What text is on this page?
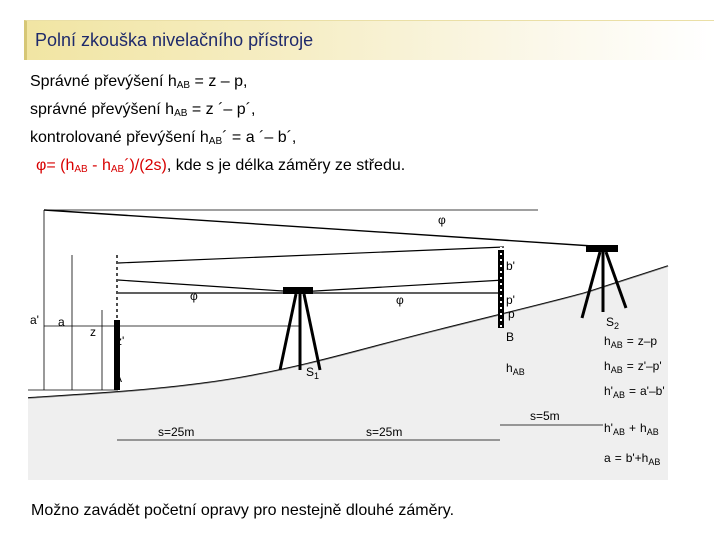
Polní zkouška nivelačního přístroje
Správné převýšení $h_{AB} = z - p$,
správné převýšení $h_{AB} = z$ ´– p´,
kontrolované převýšení $h_{AB}´ = a$ ´– b´,
$\varphi= (h_{AB}$ - $h_{AB}´)/(2s)$, kde s je délka záměry ze středu.
φ
φ	φ
a' a
z
z'
A
b'
p'
p
B
$S_1$
$S_2$
$h_{AB}$
s=25m	s=25m
s=5m
$h_{AB} = z-p$
$h_{AB} = z'-p'$
$h'_{AB} = a'-b'$
$h'_{AB} + h_{AB}$
$a = b'+h_{AB}$
Možno zavádět početní opravy pro nestejně dlouhé záměry.
